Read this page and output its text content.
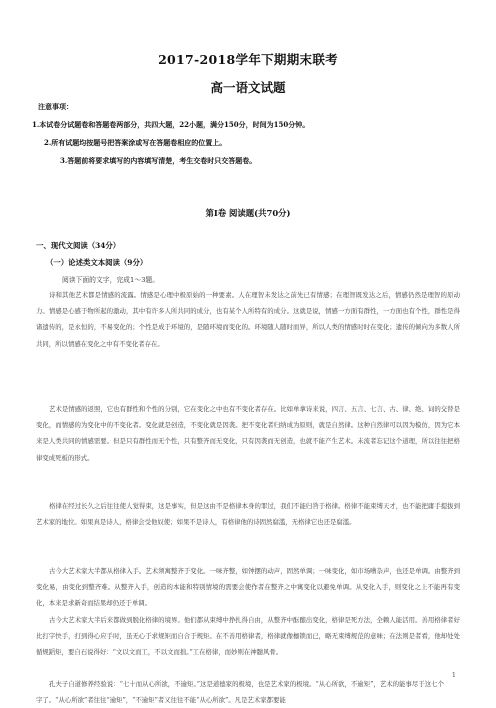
2017-2018学年下期期末联考
高一语文试题
注意事项：
1.本试卷分试题卷和答题卷两部分，共四大题，22小题，满分150分，时间为150分钟。
2.所有试题均按题号把答案涂或写在答题卷相应的位置上。
3.答题前将要求填写的内容填写清楚，考生交卷时只交答题卷。
第Ⅰ卷 阅读题(共70分)
一、现代文阅读（34分）
（一）论述类文本阅读（9分）
阅读下面的文字，完成1～3题。
诗和其他艺术都是情感的流露。情感是心理中极原始的一种要素。人在理智未发达之前先已有情感；在理智既发达之后，情感仍然是理智的原动力。情感是心感于物所起的激动，其中有许多人所共同的成分，也有某个人所特有的成分。这就是说，情感一方面有群性，一方面也有个性，群性是得诸遗传的，是永恒的，不易变化的；个性是成于环境的，是随环境而变化的。环境随人随时而异，所以人类的情感时时在变化；遗传的倾向为多数人所共同，所以情感在变化之中有不变化者存在。
艺术是情感的返照，它也有群性和个性的分别，它在变化之中也有不变化者存在。比如单拿诗来说，四言、五言、七言、古、律、绝、词的交替是变化，而情感的为变化中的不变化者。变化就是创造，不变化就是因袭。把不变化者归纳成为原则，就是自然律。这种自然律可以因为模仿，因为它本来是人类共同的情感需要。但是只有群性而无个性，只有整齐而无变化，只有因袭而无创造，也就不能产生艺术。未流者忘记这个道理，所以往往把格律变成死板的形式。
格律在经过长久之后往往使人觉得束，这是事实，但是这由不是格律本身的罪过，我们不能归咎于格律。格律不能束缚天才，也不能把庸手提拔到艺术家的地位。如果真是诗人，格律会受他奴使；如果不是诗人，有格律他的诗固然腐滥，无格律它也还是腐滥。
古今大艺术家大半都从格律入手。艺术须寓整齐于变化。一味齐整，如钟摆的动声，固然单调；一味变化，如市场嘈杂声，也还是单调。由整齐到变化易，由变化到整齐难。从整齐入手，创造的本能和特别情境的需要会使作者在整齐之中寓变化以避免单调。从变化入手，则变化之上不能再有变化，本来是求新奇而结果却仍还于单调。
古今大艺术家大半后来都做到脱化格律的境界。他们都从束缚中挣扎得自由，从整齐中酝酿出变化，格律是死方法，全赖人能活用。善用格律者好比打字快手，打到得心应手时，虽无心于求规矩而自合于规矩。在不善用格律者，格律就像枷锁而已，略无束缚规范的意味；在法则是者看，他却处处循规蹈矩，要自石说得好：“文以文而工，不以文而拙。”工在格律，而妙则在神髓风骨。
孔夫子自道修养经验说：“七十而从心所欲，不逾矩。”这是道德家的极境，也是艺术家的极境。“从心所欲，不逾矩”，艺术的能事尽于这七个字了。“从心所欲”者往往“逾矩”，“不逾矩”者又往往不能“从心所欲”。凡是艺术家都要能
1
